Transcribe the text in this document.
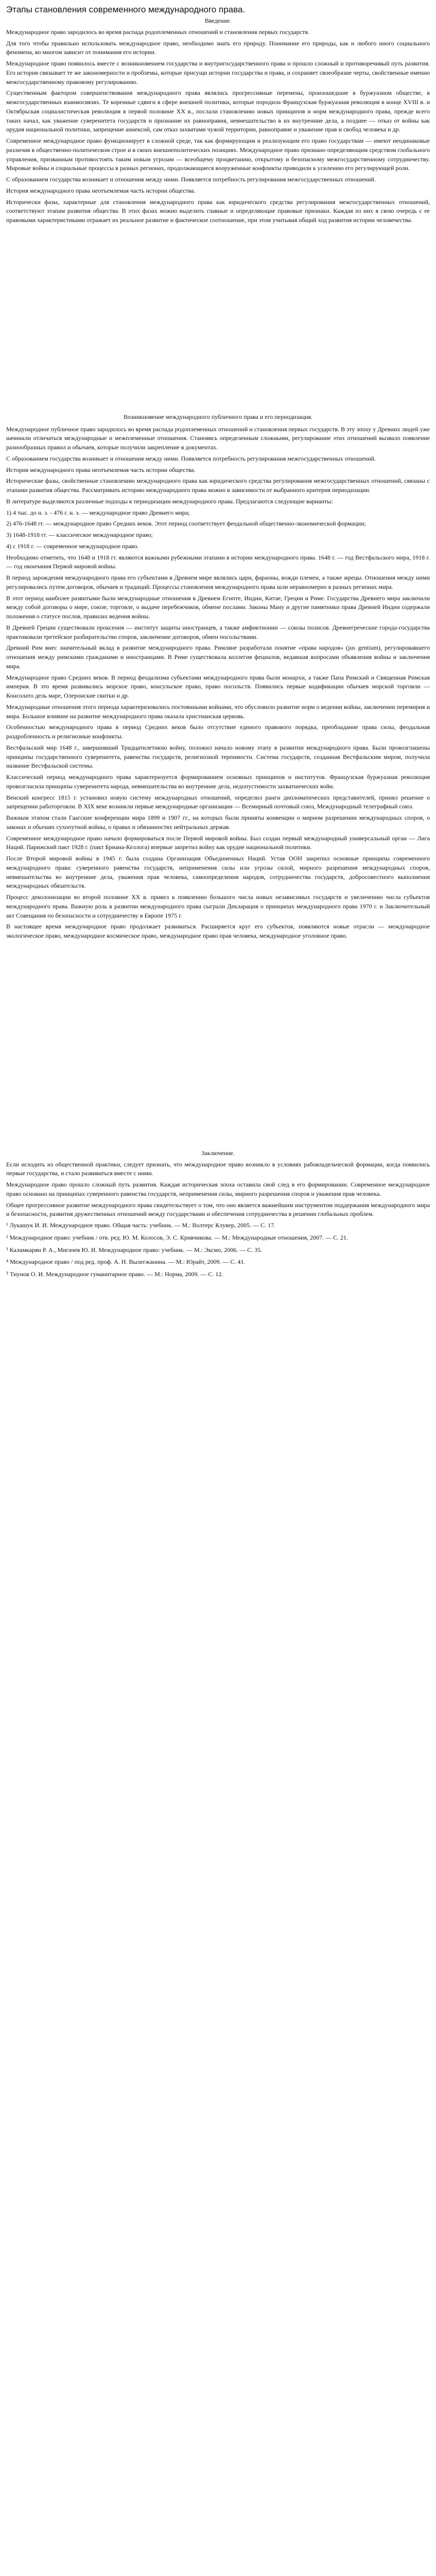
Этапы становления современного международного права.
Введение.

Международное право зародилось во время распада родоплеменных отношений и становления первых государств.

Для того чтобы правильно использовать международное право, необходимо знать его природу. Понимание его природы, как и любого иного социального феномена, во многом зависит от понимания его истории.

Международное право появилось вместе с возникновением государства и внутригосударственного права и прошло сложный и противоречивый путь развития. Его история связывает те же закономерности и проблемы, которые присущи истории государства и права, и сохраняет своеобразие черты, свойственные именно межгосударственному правовому регулированию.

Существенным фактором совершенствования международного права являлись прогрессивные перемены, произошедшие в буржуазном обществе, в межгосударственных взаимосвязях. Те коренные сдвиги в сфере внешней политики, которые породила Французская буржуазная революция в конце XVIII в. и Октябрьская социалистическая революция в первой половине XX в., послали становлению новых принципов и норм международного права, прежде всего таких начал, как уважение суверенитета государств и признание их равноправия, невмешательство в их внутренние дела, а позднее — отказ от войны как орудия национальной политики, запрещение аннексий, сам отказ захватами чужой территории, равноправие и уважение прав и свобод человека и др.

Современное международное право функционирует в сложной среде, так как формирующим и реализующим его право государствам — имеют неодинаковые различия в общественно-политическом строе и в своих внешнеполитических позициях. Международное право признано определяющим средством глобального управления, призванным противостоять таким новым угрозам — всеобщему процветанию, открытому и безопасному межгосударственному сотрудничеству. Мировые войны и социальные процессы в разных регионах, продолжающиеся вооруженные конфликты приводили к усилению его регулирующей роли.

С образованием государства возникает и отношения между ними. Появляется потребность регулирования межгосударственных отношений.

История международного права неотъемлемая часть истории общества.

Исторически фазы, характерные для становления международного права как юридического средства регулирования межгосударственных отношений, соответствуют этапам развития общества. В этих фазах можно выделить главные и определяющие правовые признаки. Каждая из них в свою очередь с ее правовыми характеристиками отражает их реальное развитие и фактическое соотношение, при этом учитывая общий ход развития истории человечества.

Возникновение международного публичного права и его периодизация.

Международное публичное право зародилось во время распада родоплеменных отношений и становления первых государств. В эту эпоху у Древних людей уже начинали отличаться международные и межплеменные отношения. Становясь определенным сложными, регулирование этих отношений вызвало появление разнообразных правил и обычаев, которые получили закрепление в документах.

С образованием государства возникает и отношения между ними. Появляется потребность регулирования межгосударственных отношений.

История международного права неотъемлемая часть истории общества.

Исторические фазы, свойственные становлению международного права как юридического средства регулирования межгосударственных отношений, связаны с этапами развития общества. Рассматривать историю международного права можно в зависимости от выбранного критерия периодизации.

В литературе выделяются различные подходы к периодизации международного права. Предлагаются следующие варианты:

1) 4 тыс. до н. э. - 476 г. н. э. — международное право Древнего мира;

2) 476-1648 гг. — международное право Средних веков. Этот период соответствует феодальной общественно-экономической формации;

3) 1648-1918 гг. — классическое международное право;

4) с 1918 г. — современное международное право.

Необходимо отметить, что 1648 и 1918 гг. являются важными рубежными этапами в истории международного права. 1648 г. — год Вестфальского мира, 1918 г. — год окончания Первой мировой войны.

В период зарождения международного права его субъектами в Древнем мире являлись цари, фараоны, вожди племен, а также жрецы. Отношения между ними регулировались путем договоров, обычаев и традиций. Процессы становления международного права шли неравномерно в разных регионах мира.

В этот период наиболее развитыми были международные отношения в Древнем Египте, Индии, Китае, Греции и Риме. Государства Древнего мира заключали между собой договоры о мире, союзе, торговле, о выдаче перебежчиков, обмене послами. Законы Ману и другие памятники права Древней Индии содержали положения о статусе послов, правилах ведения войны.

В Древней Греции существовали проксения — институт защиты иностранцев, а также амфиктионии — союзы полисов. Древнегреческие города-государства практиковали третейское разбирательство споров, заключение договоров, обмен посольствами.

Древний Рим внес значительный вклад в развитие международного права. Римляне разработали понятие «права народов» (jus gentium), регулировавшего отношения между римскими гражданами и иностранцами. В Риме существовала коллегия фециалов, ведавшая вопросами объявления войны и заключения мира.

Международное право Средних веков. В период феодализма субъектами международного права были монархи, а также Папа Римский и Священная Римская империя. В это время развивались морское право, консульское право, право посольств. Появились первые кодификации обычаев морской торговли — Консолато дель маре, Олеронские свитки и др.

Международные отношения этого периода характеризовались постоянными войнами, что обусловило развитие норм о ведении войны, заключении перемирия и мира. Большое влияние на развитие международного права оказала христианская церковь.

Особенностью международного права в период Средних веков было отсутствие единого правового порядка, преобладание права силы, феодальная раздробленность и религиозные конфликты.

Вестфальский мир 1648 г., завершивший Тридцатилетнюю войну, положил начало новому этапу в развитии международного права. Были провозглашены принципы государственного суверенитета, равенства государств, религиозной терпимости. Система государств, созданная Вестфальским миром, получила название Вестфальской системы.

Классический период международного права характеризуется формированием основных принципов и институтов. Французская буржуазная революция провозгласила принципы суверенитета народа, невмешательства во внутренние дела, недопустимости захватнических войн.

Венский конгресс 1815 г. установил новую систему международных отношений, определил ранги дипломатических представителей, принял решение о запрещении работорговли. В XIX веке возникли первые международные организации — Всемирный почтовый союз, Международный телеграфный союз.

Важным этапом стали Гаагские конференции мира 1899 и 1907 гг., на которых были приняты конвенции о мирном разрешении международных споров, о законах и обычаях сухопутной войны, о правах и обязанностях нейтральных держав.

Современное международное право начало формироваться после Первой мировой войны. Был создан первый международный универсальный орган — Лига Наций. Парижский пакт 1928 г. (пакт Бриана-Келлога) впервые запретил войну как орудие национальной политики.

После Второй мировой войны в 1945 г. была создана Организация Объединенных Наций. Устав ООН закрепил основные принципы современного международного права: суверенного равенства государств, неприменения силы или угрозы силой, мирного разрешения международных споров, невмешательства во внутренние дела, уважения прав человека, самоопределения народов, сотрудничества государств, добросовестного выполнения международных обязательств.

Процесс деколонизации во второй половине XX в. привел к появлению большого числа новых независимых государств и увеличению числа субъектов международного права. Важную роль в развитии международного права сыграли Декларация о принципах международного права 1970 г. и Заключительный акт Совещания по безопасности и сотрудничеству в Европе 1975 г.

В настоящее время международное право продолжает развиваться. Расширяется круг его субъектов, появляются новые отрасли — международное экологическое право, международное космическое право, международное право прав человека, международное уголовное право.

Заключение.

Если исходить из общественной практики, следует признать, что международное право возникло в условиях рабовладельческой формации, когда появились первые государства, и стало развиваться вместе с ними.

Международное право прошло сложный путь развития. Каждая историческая эпоха оставила свой след в его формировании. Современное международное право основано на принципах суверенного равенства государств, неприменения силы, мирного разрешения споров и уважения прав человека.

Общее прогрессивное развитие международного права свидетельствует о том, что оно является важнейшим инструментом поддержания международного мира и безопасности, развития дружественных отношений между государствами и обеспечения сотрудничества в решении глобальных проблем.

¹ Лукашук И. И. Международное право. Общая часть: учебник. — М.: Волтерс Клувер, 2005. — С. 17.

² Международное право: учебник / отв. ред. Ю. М. Колосов, Э. С. Кривчикова. — М.: Международные отношения, 2007. — С. 21.

³ Каламкарян Р. А., Мигачев Ю. И. Международное право: учебник. — М.: Эксмо, 2006. — С. 35.

⁴ Международное право / под ред. проф. А. Н. Вылегжанина. — М.: Юрайт, 2009. — С. 41.

⁵ Тиунов О. И. Международное гуманитарное право. — М.: Норма, 2009. — С. 12.
